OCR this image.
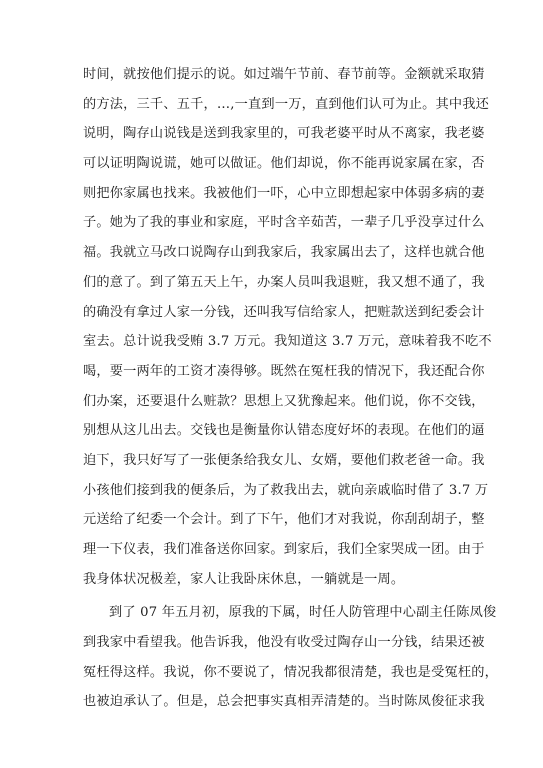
时间，就按他们提示的说。如过端午节前、春节前等。金额就采取猜
的方法，三千、五千，…,一直到一万，直到他们认可为止。其中我还
说明，陶存山说钱是送到我家里的，可我老婆平时从不离家，我老婆
可以证明陶说谎，她可以做证。他们却说，你不能再说家属在家，否
则把你家属也找来。我被他们一吓，心中立即想起家中体弱多病的妻
子。她为了我的事业和家庭，平时含辛茹苦，一辈子几乎没享过什么
福。我就立马改口说陶存山到我家后，我家属出去了，这样也就合他
们的意了。到了第五天上午，办案人员叫我退赃，我又想不通了，我
的确没有拿过人家一分钱，还叫我写信给家人，把赃款送到纪委会计
室去。总计说我受贿 3.7 万元。我知道这 3.7 万元，意味着我不吃不
喝，要一两年的工资才凑得够。既然在冤枉我的情况下，我还配合你
们办案，还要退什么赃款？思想上又犹豫起来。他们说，你不交钱，
别想从这儿出去。交钱也是衡量你认错态度好坏的表现。在他们的逼
迫下，我只好写了一张便条给我女儿、女婿，要他们救老爸一命。我
小孩他们接到我的便条后，为了救我出去，就向亲戚临时借了 3.7 万
元送给了纪委一个会计。到了下午，他们才对我说，你刮刮胡子，整
理一下仪表，我们准备送你回家。到家后，我们全家哭成一团。由于
我身体状况极差，家人让我卧床休息，一躺就是一周。

到了 07 年五月初，原我的下属，时任人防管理中心副主任陈凤俊
到我家中看望我。他告诉我，他没有收受过陶存山一分钱，结果还被
冤枉得这样。我说，你不要说了，情况我都很清楚，我也是受冤枉的，
也被迫承认了。但是，总会把事实真相弄清楚的。当时陈凤俊征求我
